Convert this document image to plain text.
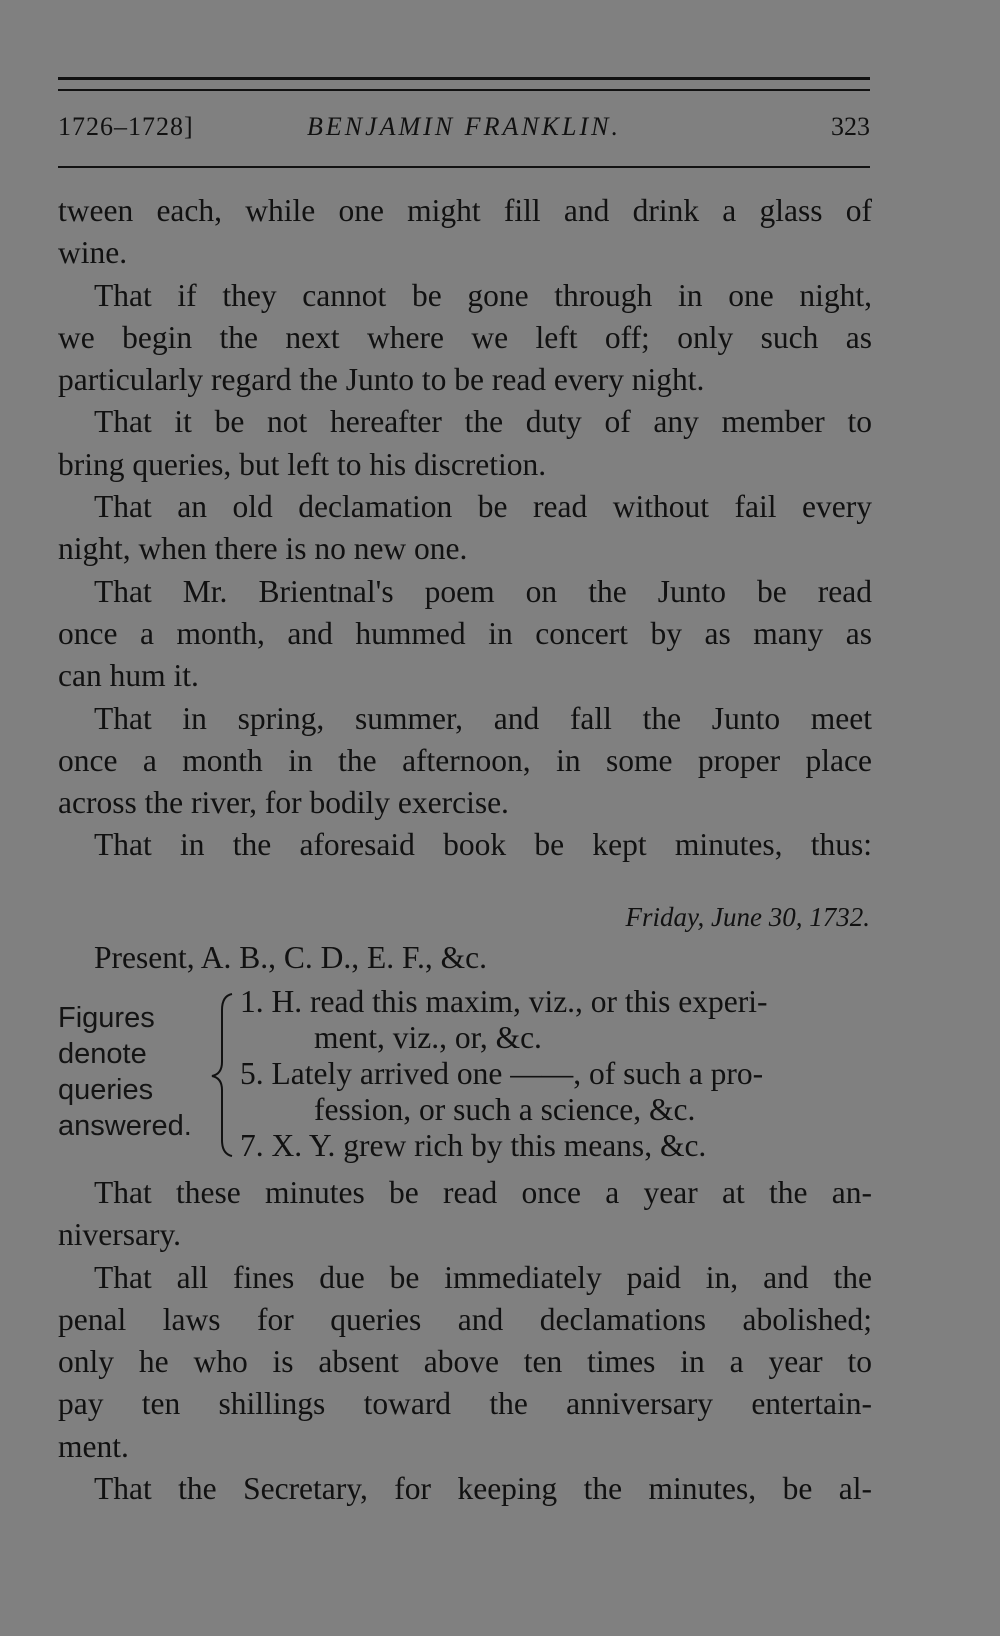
1726–1728]	BENJAMIN FRANKLIN.	323
tween each, while one might fill and drink a glass of
wine.
That if they cannot be gone through in one night,
we begin the next where we left off; only such as
particularly regard the Junto to be read every night.
That it be not hereafter the duty of any member to
bring queries, but left to his discretion.
That an old declamation be read without fail every
night, when there is no new one.
That Mr. Brientnal's poem on the Junto be read
once a month, and hummed in concert by as many as
can hum it.
That in spring, summer, and fall the Junto meet
once a month in the afternoon, in some proper place
across the river, for bodily exercise.
That in the aforesaid book be kept minutes, thus:
Friday, June 30, 1732.
Present, A. B., C. D., E. F., &c.
Figures
denote
queries
answered.
1. H. read this maxim, viz., or this experi-
ment, viz., or, &c.
5. Lately arrived one ——, of such a pro-
fession, or such a science, &c.
7. X. Y. grew rich by this means, &c.
That these minutes be read once a year at the an-
niversary.
That all fines due be immediately paid in, and the
penal laws for queries and declamations abolished;
only he who is absent above ten times in a year to
pay ten shillings toward the anniversary entertain-
ment.
That the Secretary, for keeping the minutes, be al-
